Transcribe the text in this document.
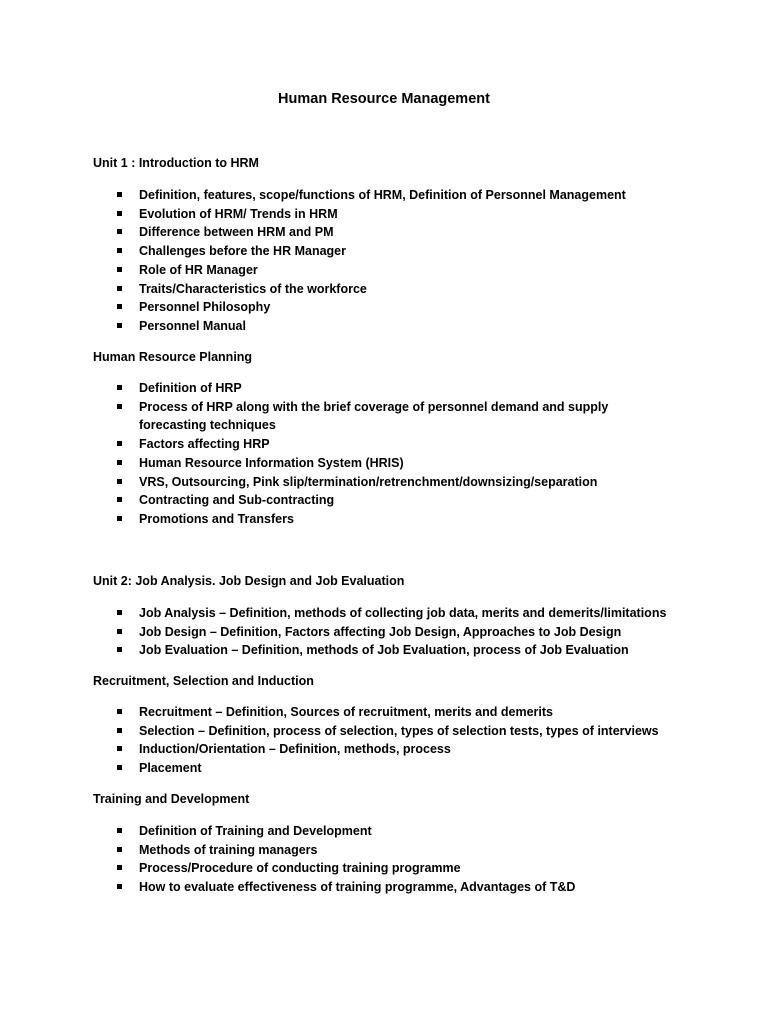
Human Resource Management
Unit 1 : Introduction to HRM
Definition, features, scope/functions of HRM, Definition of Personnel Management
Evolution of HRM/ Trends in HRM
Difference between HRM and PM
Challenges before the HR Manager
Role of HR Manager
Traits/Characteristics of the workforce
Personnel Philosophy
Personnel Manual
Human Resource Planning
Definition of HRP
Process of HRP along with the brief coverage of personnel demand and supply forecasting techniques
Factors affecting HRP
Human Resource Information System (HRIS)
VRS, Outsourcing, Pink slip/termination/retrenchment/downsizing/separation
Contracting and Sub-contracting
Promotions and Transfers
Unit 2: Job Analysis. Job Design and Job Evaluation
Job Analysis – Definition, methods of collecting job data, merits and demerits/limitations
Job Design – Definition, Factors affecting Job Design, Approaches to Job Design
Job Evaluation – Definition, methods of Job Evaluation, process of Job Evaluation
Recruitment, Selection and Induction
Recruitment – Definition, Sources of recruitment, merits and demerits
Selection – Definition, process of selection, types of selection tests, types of interviews
Induction/Orientation – Definition, methods, process
Placement
Training and Development
Definition of Training and Development
Methods of training managers
Process/Procedure of conducting training programme
How to evaluate effectiveness of training programme, Advantages of T&D
